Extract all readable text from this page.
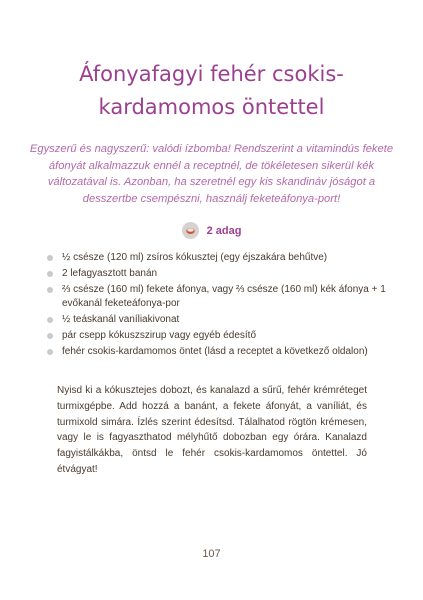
Áfonyafagyi fehér csokis-kardamomos öntettel

Egyszerű és nagyszerű: valódi ízbomba! Rendszerint a vitamindús fekete áfonyát alkalmazzuk ennél a receptnél, de tökéletesen sikerül kék változatával is. Azonban, ha szeretnél egy kis skandináv jóságot a desszertbe csempészni, használj feketeáfonya-port!

2 adag
½ csésze (120 ml) zsíros kókusztej (egy éjszakára behűtve)
2 lefagyasztott banán
⅔ csésze (160 ml) fekete áfonya, vagy ⅔ csésze (160 ml) kék áfonya + 1 evőkanál feketeáfonya-por
½ teáskanál vaníliakivonat
pár csepp kókuszszirup vagy egyéb édesítő
fehér csokis-kardamomos öntet (lásd a receptet a következő oldalon)

Nyisd ki a kókusztejes dobozt, és kanalazd a sűrű, fehér krémréteget turmixgépbe. Add hozzá a banánt, a fekete áfonyát, a vaníliát, és turmixold simára. Ízlés szerint édesítsd. Tálalhatod rögtön krémesen, vagy le is fagyaszthatod mélyhűtő dobozban egy órára. Kanalazd fagyistálkákba, öntsd le fehér csokis-kardamomos öntettel. Jó étvágyat!

107
